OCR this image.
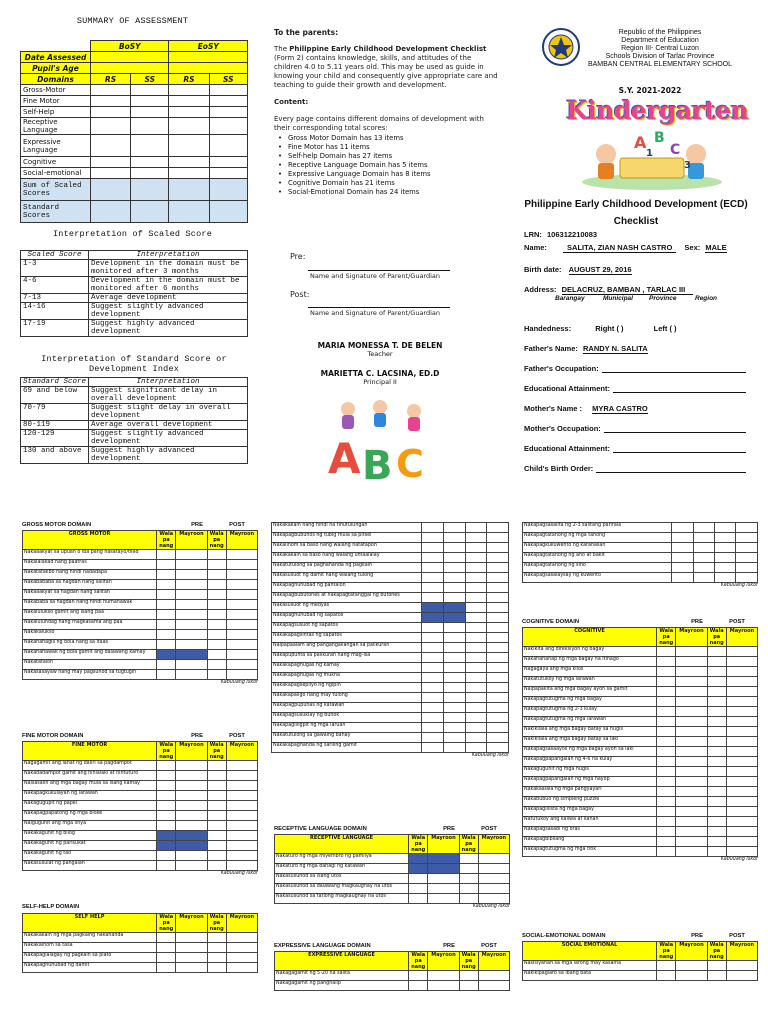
SUMMARY OF ASSESSMENT
	BoSY		EoSY	
Date Assessed				
Pupil's Age				
Domains	RS	SS	RS	SS
Gross-Motor				
Fine Motor				
Self-Help				
Receptive Language				
Expressive Language				
Cognitive				
Social-emotional				
Sum of Scaled Scores				
Standard Scores				
Interpretation of Scaled Score
Scaled Score	Interpretation
1-3	Development in the domain must be monitored after 3 months
4-6	Development in the domain must be monitored after 6 months
7-13	Average development
14-16	Suggest slightly advanced development
17-19	Suggest highly advanced development
Interpretation of Standard Score or Development Index
Standard Score	Interpretation
69 and below	Suggest significant delay in overall development
70-79	Suggest slight delay in overall development
80-119	Average overall development
120-129	Suggest slightly advanced development
130 and above	Suggest highly advanced development
To the parents:
The Philippine Early Childhood Development Checklist (Form 2) contains knowledge, skills, and attitudes of the children 4.0 to 5.11 years old. This may be used as guide in knowing your child and consequently give appropriate care and teaching to guide their growth and development.
Content:
Every page contains different domains of development with their corresponding total scores:
• Gross Motor Domain has 13 items
• Fine Motor has 11 items
• Self-help Domain has 27 items
• Receptive Language Domain has 5 items
• Expressive Language Domain has 8 items
• Cognitive Domain has 21 items
• Social-Emotional Domain has 24 items
Pre:
Name and Signature of Parent/Guardian
Post:
Name and Signature of Parent/Guardian
MARIA MONESSA T. DE BELEN
Teacher
MARIETTA C. LACSINA, ED.D
Principal II
A B C
Republic of the Philippines
Department of Education
Region III- Central Luzon
Schools Division of Tarlac Province
BAMBAN CENTRAL ELEMENTARY SCHOOL
S.Y. 2021-2022
Kindergarten
A B
C
1
3
Philippine Early Childhood Development (ECD)
Checklist
LRN: 106312210083
Name:	SALITA, ZIAN NASH CASTRO Sex: MALE
Birth date: AUGUST 29, 2016
Address: DELACRUZ, BAMBAN , TARLAC III
Barangay	Municipal Province	Region
Handedness:	Right ( )	Left ( )
Father's Name: RANDY N. SALITA
Father's Occupation:
Educational Attainment:
Mother's Name : MYRA CASTRO
Mother's Occupation:
Educational Attainment:
Child's Birth Order:
GROSS MOTOR DOMAIN	PRE	POST
GROSS MOTOR	Wala pa nang	Mayroon	Wala pa nang	Mayroon
Nakaaakyat sa upuan o iba pang nasatayo/tiled				
Nakalalakad nang paatras				
Nakatatakbo nang hindi nadadapa				
Nakabababa sa hagdan nang salitan				
Nakaaakyat sa hagdan nang salitan				
Nakababa sa hagdan nang hindi humahawak				
Nakalulukso gamit ang isang paa				
Nakalulundag nang magkasama ang paa				
Nakakalukso				
Nakahahagis ng bola nang sa itaas				
Nakahahawak ng bola gamit ang dalawang kamay				
Nakatatalon				
Nakasasayaw nang may pagsunod sa tugtugin				
Kabuuang Iskor
FINE MOTOR DOMAIN	PRE	POST
FINE MOTOR	Wala pa nang	Mayroon	Wala pa nang	Mayroon
Nagagamit ang lahat ng daliri sa pagdampot				
Nakadadampot gamit ang hinlalaki at hintuturo				
Naisasalin ang mga bagay mula sa isang kamay				
Nakapagkukulayan ng larawan				
Nakagugupit ng papel				
Nakapagpapatong ng mga bloke				
Naiguguhit ang mga linya				
Nakakaguhit ng bilog				
Nakakaguhit ng parisukat				
Nakakaguhit ng tao				
Nakasusulat ng pangalan				
Kabuuang Iskor
SELF-HELP DOMAIN
SELF HELP	Wala pa nang	Mayroon	Wala pa nang	Mayroon
Nakakakain ng mga pagkaing nakahanda				
Nakakainom sa tasa				
Nakapaglalagay ng pagkain sa plato				
Nakapaghuhubad ng damit				
Nakakakain nang hindi na tinutulungan				
Nakapagbubuhos ng tubig mula sa pitsel				
Nakaiinom sa baso nang walang natatapon				
Nakakakain sa baso nang walang umaalalay				
Nakatutulong sa paghahanda ng pagkain				
Nakasusuot ng damit nang walang tulong				
Nakapaghuhubad ng pantalon				
Nakapagbubutones at nakapagtatanggal ng butones				
Nakasusuot ng medyas				
Nakapaghuhubad ng sapatos				
Nakapagsusuot ng sapatos				
Nakakapagsintas ng sapatos				
Naipapaalam ang pangangailangan sa palikuran				
Nakapupunta sa palikuran nang mag-isa				
Nakakapaghugas ng kamay				
Nakakapaghugas ng mukha				
Nakakapagsepilyo ng ngipin				
Nakakapaligo nang may tulong				
Nakapagpupunas ng katawan				
Nakapagsusuklay ng buhok				
Nakapagliligpit ng mga laruan				
Nakatutulong sa gawaing bahay				
Nakakapaghanda ng sariling gamit				
Kabuuang Iskor
RECEPTIVE LANGUAGE DOMAIN	PRE	POST
RECEPTIVE LANGUAGE	Wala pa nang	Mayroon	Wala pa nang	Mayroon
Nakaturo ng mga miyembro ng pamilya				
Nakaturo ng mga bahagi ng katawan				
Nakasusunod sa isang utos				
Nakasusunod sa dalawang magkaugnay na utos				
Nakasusunod sa tatlong magkaugnay na utos				
Kabuuang Iskor
EXPRESSIVE LANGUAGE DOMAIN	PRE	POST
EXPRESSIVE LANGUAGE	Wala pa nang	Mayroon	Wala pa nang	Mayroon
Nakagagamit ng 5-20 na salita				
Nakagagamit ng panghalip				
Nakapagsasalita ng 2-3 salitang parirala				
Nakapagtatanong ng mga tanong				
Nakapagkukuwento ng karanasan				
Nakapagtatanong ng ano at bakit				
Nakapagtatanong ng sino				
Nakapagsasalaysay ng kuwento				
Kabuuang Iskor
COGNITIVE DOMAIN	PRE	POST
COGNITIVE	Wala pa nang	Mayroon	Wala pa nang	Mayroon
Nakikita ang direksiyon ng bagay				
Nakahahanap ng mga bagay na itinago				
Nagagaya ang mga kilos				
Nakatutukoy ng mga larawan				
Naipapakita ang mga bagay ayon sa gamit				
Nakapagtutugma ng mga bagay				
Nakapagtutugma ng 2-3 kulay				
Nakapagtutugma ng mga larawan				
Nakikilala ang mga bagay batay sa hugis				
Nakikilala ang mga bagay batay sa laki				
Nakapagsasaayos ng mga bagay ayon sa laki				
Nakapagpapangalan ng 4-6 na kulay				
Nakaguguhit ng mga hugis				
Nakapagpapangalan ng mga hayop				
Nakakaalala ng mga pangyayari				
Nakabubuo ng simpleng puzzle				
Nakapaglilista ng mga bagay				
Natutukoy ang kaliwa at kanan				
Nakapagsasabi ng oras				
Nakapagbibilang				
Nakapagtutugma ng mga titik				
Kabuuang Iskor
SOCIAL-EMOTIONAL DOMAIN	PRE	POST
SOCIAL EMOTIONAL	Wala pa nang	Mayroon	Wala pa nang	Mayroon
Nasisiyahan sa mga larong may kasama				
Nakikipaglaro sa ibang bata				
